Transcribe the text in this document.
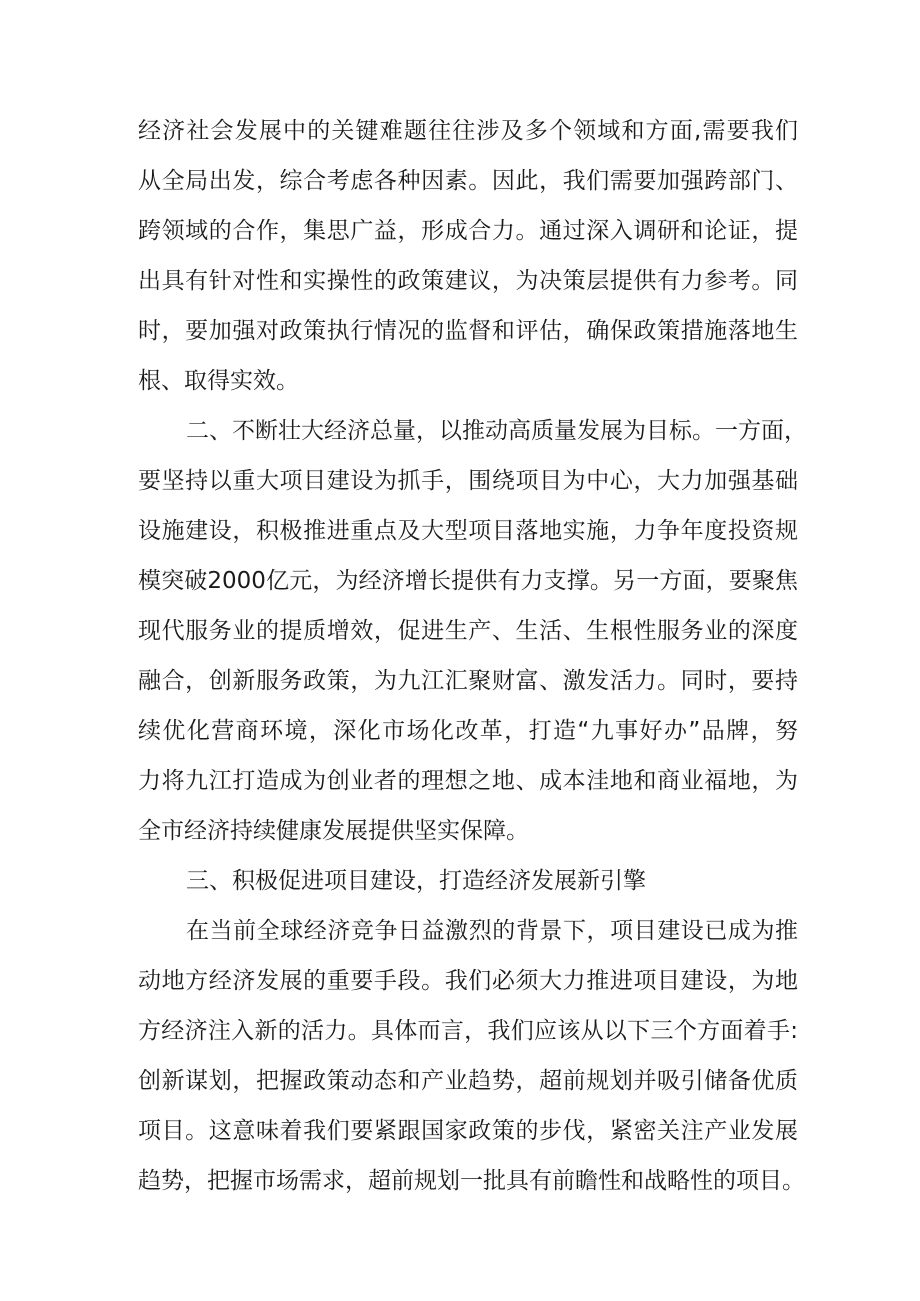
经济社会发展中的关键难题往往涉及多个领域和方面,需要我们
从全局出发，综合考虑各种因素。因此，我们需要加强跨部门、
跨领域的合作，集思广益，形成合力。通过深入调研和论证，提
出具有针对性和实操性的政策建议，为决策层提供有力参考。同
时，要加强对政策执行情况的监督和评估，确保政策措施落地生
根、取得实效。
二、不断壮大经济总量，以推动高质量发展为目标。一方面，
要坚持以重大项目建设为抓手，围绕项目为中心，大力加强基础
设施建设，积极推进重点及大型项目落地实施，力争年度投资规
模突破2000亿元，为经济增长提供有力支撑。另一方面，要聚焦
现代服务业的提质增效，促进生产、生活、生根性服务业的深度
融合，创新服务政策，为九江汇聚财富、激发活力。同时，要持
续优化营商环境，深化市场化改革，打造“九事好办”品牌，努
力将九江打造成为创业者的理想之地、成本洼地和商业福地，为
全市经济持续健康发展提供坚实保障。
三、积极促进项目建设，打造经济发展新引擎
在当前全球经济竞争日益激烈的背景下，项目建设已成为推
动地方经济发展的重要手段。我们必须大力推进项目建设，为地
方经济注入新的活力。具体而言，我们应该从以下三个方面着手:
创新谋划，把握政策动态和产业趋势，超前规划并吸引储备优质
项目。这意味着我们要紧跟国家政策的步伐，紧密关注产业发展
趋势，把握市场需求，超前规划一批具有前瞻性和战略性的项目。
